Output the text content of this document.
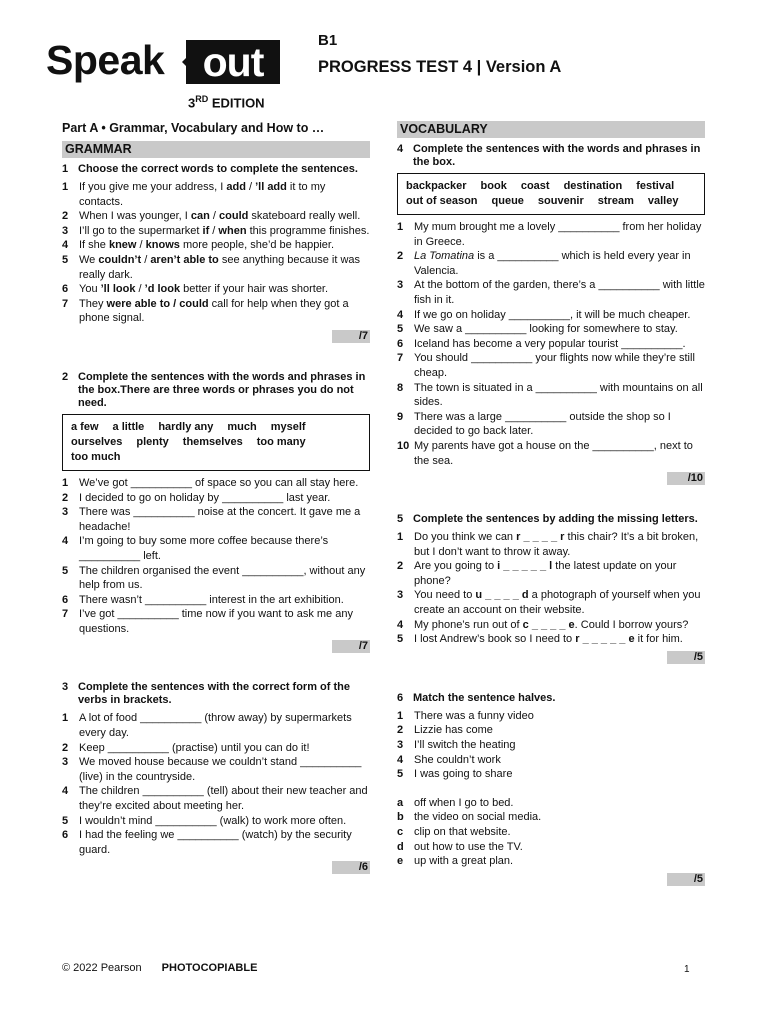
Speak out
3RD EDITION
B1
PROGRESS TEST 4 | Version A
Part A • Grammar, Vocabulary and How to …
GRAMMAR
1 Choose the correct words to complete the sentences.
1 If you give me your address, I add / ’ll add it to my contacts.
2 When I was younger, I can / could skateboard really well.
3 I’ll go to the supermarket if / when this programme finishes.
4 If she knew / knows more people, she’d be happier.
5 We couldn’t / aren’t able to see anything because it was really dark.
6 You ’ll look / ’d look better if your hair was shorter.
7 They were able to / could call for help when they got a phone signal.
/7
2 Complete the sentences with the words and phrases in the box.There are three words or phrases you do not need.
a few a little hardly any much myselfourselves plenty themselves too manytoo much
1 We’ve got __________ of space so you can all stay here.
2 I decided to go on holiday by __________ last year.
3 There was __________ noise at the concert. It gave me a headache!
4 I’m going to buy some more coffee because there’s __________ left.
5 The children organised the event __________, without any help from us.
6 There wasn’t __________ interest in the art exhibition.
7 I’ve got __________ time now if you want to ask me any questions.
/7
3 Complete the sentences with the correct form of the verbs in brackets.
1 A lot of food __________ (throw away) by supermarkets every day.
2 Keep __________ (practise) until you can do it!
3 We moved house because we couldn’t stand __________ (live) in the countryside.
4 The children __________ (tell) about their new teacher and they’re excited about meeting her.
5 I wouldn’t mind __________ (walk) to work more often.
6 I had the feeling we __________ (watch) by the security guard.
/6
VOCABULARY
4 Complete the sentences with the words and phrases in the box.
backpacker book coast destination festivalout of season queue souvenir stream valley
1 My mum brought me a lovely __________ from her holiday in Greece.
2 La Tomatina is a __________ which is held every year in Valencia.
3 At the bottom of the garden, there’s a __________ with little fish in it.
4 If we go on holiday __________, it will be much cheaper.
5 We saw a __________ looking for somewhere to stay.
6 Iceland has become a very popular tourist __________.
7 You should __________ your flights now while they’re still cheap.
8 The town is situated in a __________ with mountains on all sides.
9 There was a large __________ outside the shop so I decided to go back later.
10 My parents have got a house on the __________, next to the sea.
/10
5 Complete the sentences by adding the missing letters.
1 Do you think we can r _ _ _ _ r this chair? It’s a bit broken, but I don’t want to throw it away.
2 Are you going to i _ _ _ _ _ l the latest update on your phone?
3 You need to u _ _ _ _ d a photograph of yourself when you create an account on their website.
4 My phone’s run out of c _ _ _ _ e. Could I borrow yours?
5 I lost Andrew’s book so I need to r _ _ _ _ _ e it for him.
/5
6 Match the sentence halves.
1 There was a funny video
2 Lizzie has come
3 I’ll switch the heating
4 She couldn’t work
5 I was going to share
a off when I go to bed.
b the video on social media.
c clip on that website.
d out how to use the TV.
e up with a great plan.
/5
© 2022 Pearson PHOTOCOPIABLE	1
